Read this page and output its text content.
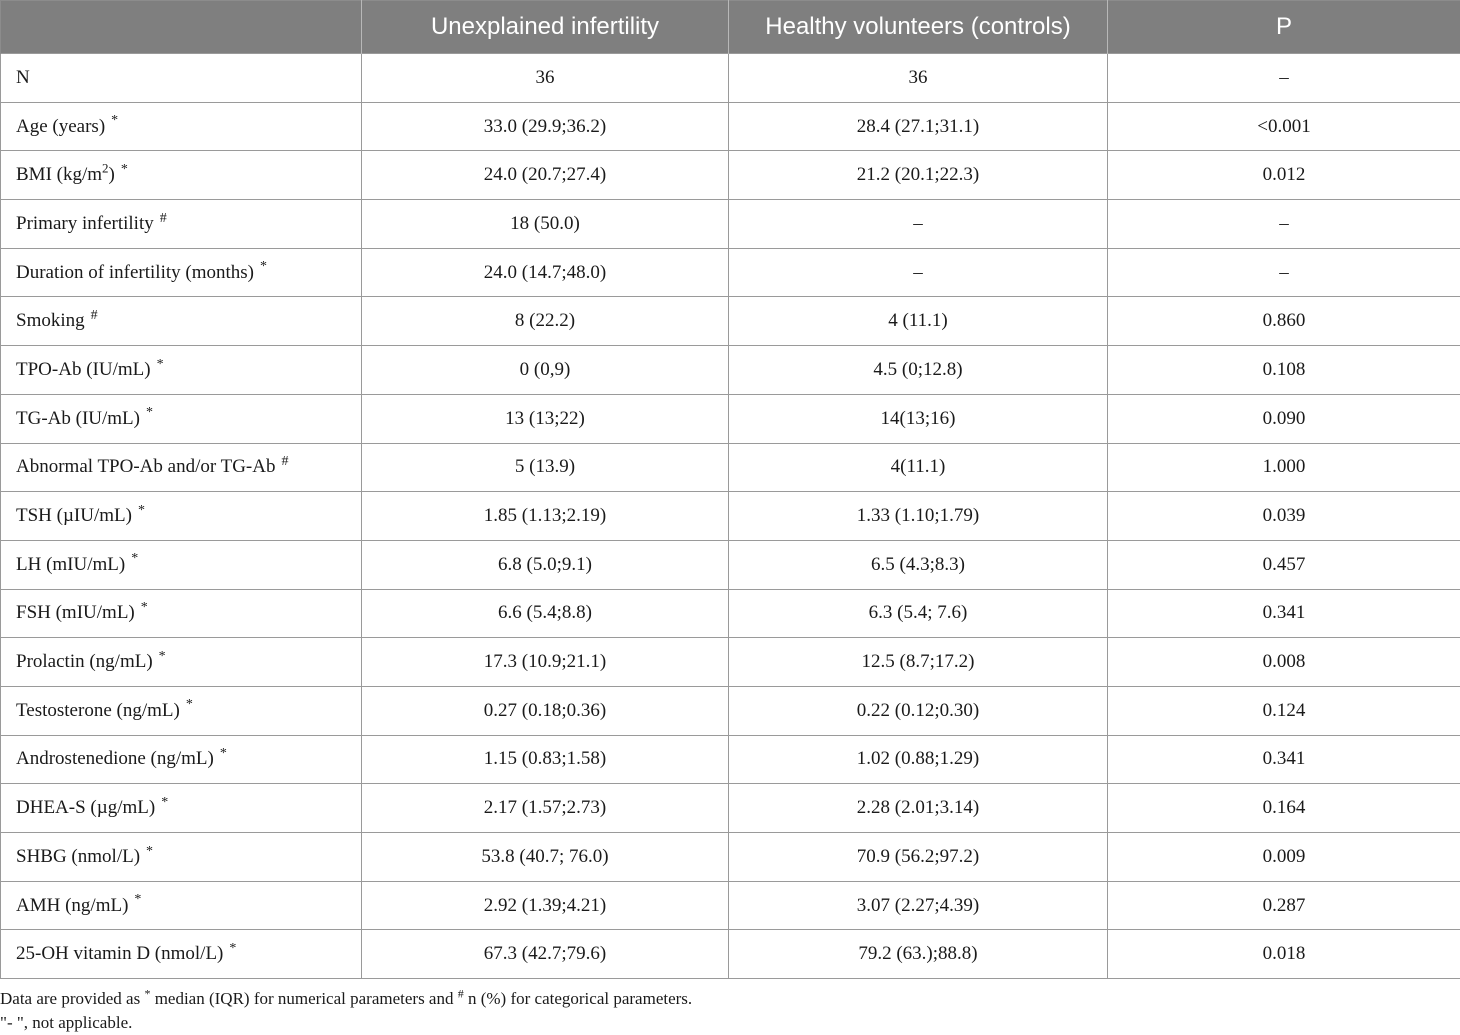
	Unexplained infertility	Healthy volunteers (controls)	P
N	36	36	–
Age (years) *	33.0 (29.9;36.2)	28.4 (27.1;31.1)	<0.001
BMI $(kg/m^2)$ *	24.0 (20.7;27.4)	21.2 (20.1;22.3)	0.012
Primary infertility #	18 (50.0)	–	–
Duration of infertility (months) *	24.0 (14.7;48.0)	–	–
Smoking #	8 (22.2)	4 (11.1)	0.860
TPO-Ab (IU/mL) *	0 (0,9)	4.5 (0;12.8)	0.108
TG-Ab (IU/mL) *	13 (13;22)	14(13;16)	0.090
Abnormal TPO-Ab and/or TG-Ab #	5 (13.9)	4(11.1)	1.000
TSH (µIU/mL) *	1.85 (1.13;2.19)	1.33 (1.10;1.79)	0.039
LH (mIU/mL) *	6.8 (5.0;9.1)	6.5 (4.3;8.3)	0.457
FSH (mIU/mL) *	6.6 (5.4;8.8)	6.3 (5.4; 7.6)	0.341
Prolactin (ng/mL) *	17.3 (10.9;21.1)	12.5 (8.7;17.2)	0.008
Testosterone (ng/mL) *	0.27 (0.18;0.36)	0.22 (0.12;0.30)	0.124
Androstenedione (ng/mL) *	1.15 (0.83;1.58)	1.02 (0.88;1.29)	0.341
DHEA-S (µg/mL) *	2.17 (1.57;2.73)	2.28 (2.01;3.14)	0.164
SHBG (nmol/L) *	53.8 (40.7; 76.0)	70.9 (56.2;97.2)	0.009
AMH (ng/mL) *	2.92 (1.39;4.21)	3.07 (2.27;4.39)	0.287
25-OH vitamin D (nmol/L) *	67.3 (42.7;79.6)	79.2 (63.);88.8)	0.018
Data are provided as * median (IQR) for numerical parameters and # n (%) for categorical parameters.
"- ", not applicable.
